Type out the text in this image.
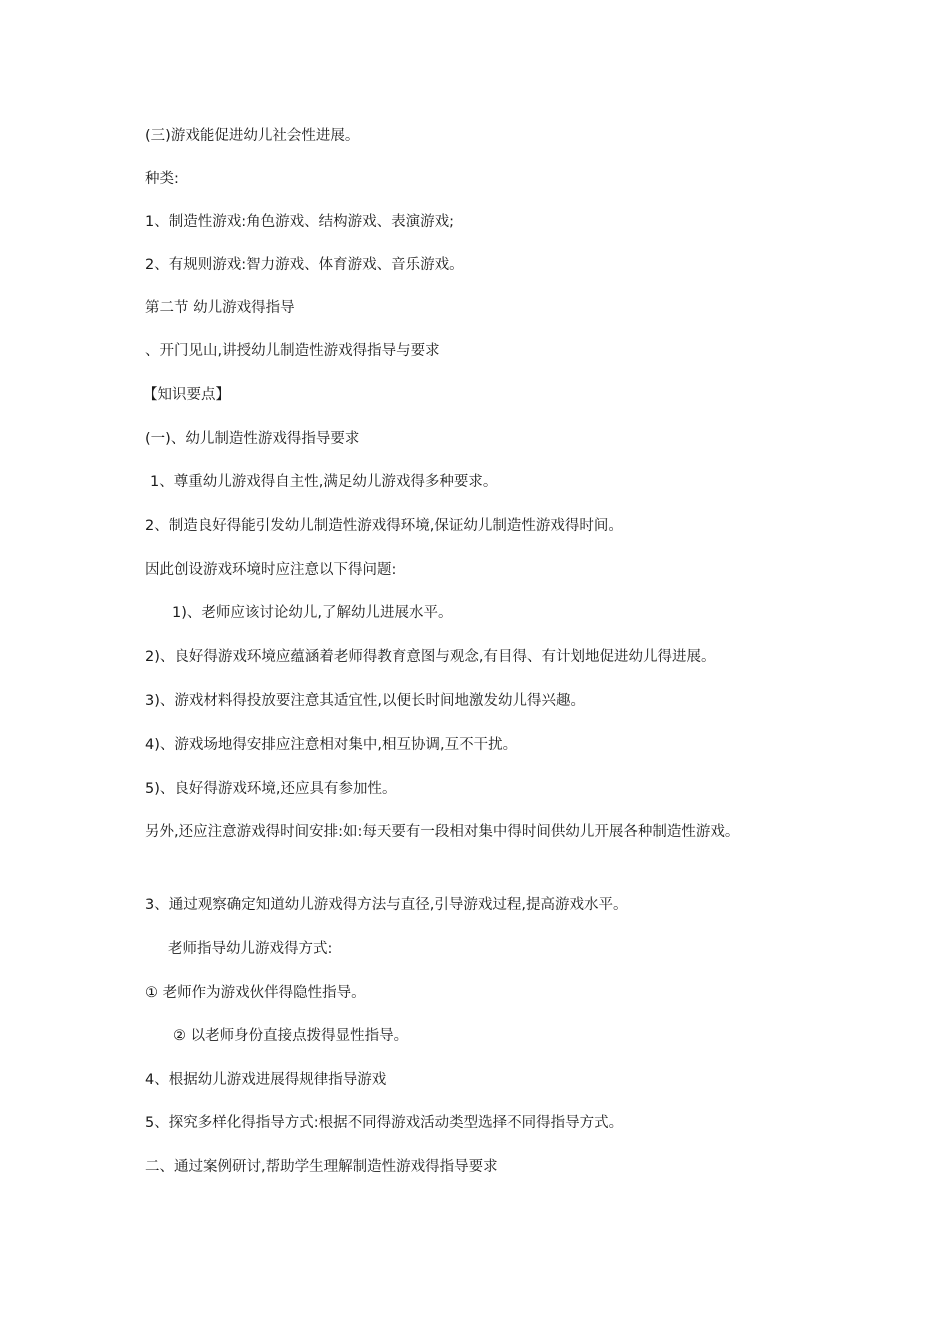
(三)游戏能促进幼儿社会性进展。
种类:
1、制造性游戏:角色游戏、结构游戏、表演游戏;
2、有规则游戏:智力游戏、体育游戏、音乐游戏。
第二节 幼儿游戏得指导
、开门见山,讲授幼儿制造性游戏得指导与要求
【知识要点】
(一)、幼儿制造性游戏得指导要求
1、尊重幼儿游戏得自主性,满足幼儿游戏得多种要求。
2、制造良好得能引发幼儿制造性游戏得环境,保证幼儿制造性游戏得时间。
因此创设游戏环境时应注意以下得问题:
1)、老师应该讨论幼儿,了解幼儿进展水平。
2)、良好得游戏环境应蕴涵着老师得教育意图与观念,有目得、有计划地促进幼儿得进展。
3)、游戏材料得投放要注意其适宜性,以便长时间地激发幼儿得兴趣。
4)、游戏场地得安排应注意相对集中,相互协调,互不干扰。
5)、良好得游戏环境,还应具有参加性。
另外,还应注意游戏得时间安排:如:每天要有一段相对集中得时间供幼儿开展各种制造性游戏。
3、通过观察确定知道幼儿游戏得方法与直径,引导游戏过程,提高游戏水平。
老师指导幼儿游戏得方式:
① 老师作为游戏伙伴得隐性指导。
② 以老师身份直接点拨得显性指导。
4、根据幼儿游戏进展得规律指导游戏
5、探究多样化得指导方式:根据不同得游戏活动类型选择不同得指导方式。
二、通过案例研讨,帮助学生理解制造性游戏得指导要求
